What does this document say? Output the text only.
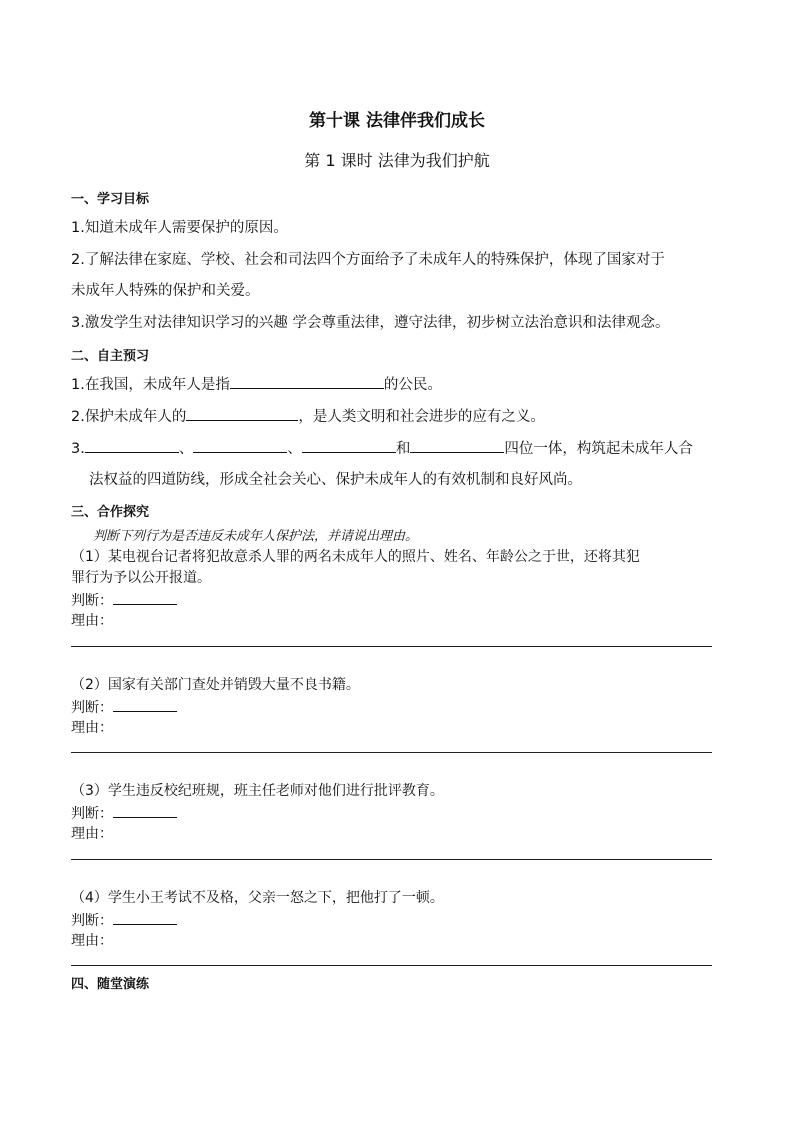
第十课 法律伴我们成长
第 1 课时 法律为我们护航
一、学习目标
1.知道未成年人需要保护的原因。
2.了解法律在家庭、学校、社会和司法四个方面给予了未成年人的特殊保护，体现了国家对于
未成年人特殊的保护和关爱。
3.激发学生对法律知识学习的兴趣 学会尊重法律，遵守法律，初步树立法治意识和法律观念。
二、自主预习
1.在我国，未成年人是指	的公民。
2.保护未成年人的	，是人类文明和社会进步的应有之义。
3.	、	、	和	四位一体，构筑起未成年人合
法权益的四道防线，形成全社会关心、保护未成年人的有效机制和良好风尚。
三、合作探究
判断下列行为是否违反未成年人保护法，并请说出理由。
（1）某电视台记者将犯故意杀人罪的两名未成年人的照片、姓名、年龄公之于世，还将其犯
罪行为予以公开报道。
判断：
理由：
（2）国家有关部门查处并销毁大量不良书籍。
判断：
理由：
（3）学生违反校纪班规，班主任老师对他们进行批评教育。
判断：
理由：
（4）学生小王考试不及格，父亲一怒之下，把他打了一顿。
判断：
理由：
四、随堂演练
